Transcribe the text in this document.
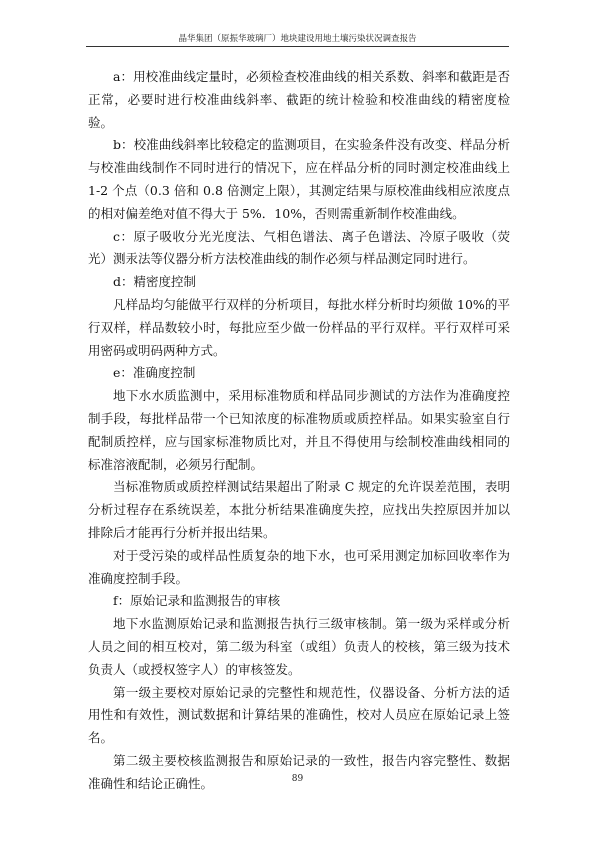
晶华集团（原振华玻璃厂）地块建设用地土壤污染状况调查报告

a：用校准曲线定量时，必须检查校准曲线的相关系数、斜率和截距是否正常，必要时进行校准曲线斜率、截距的统计检验和校准曲线的精密度检验。

b：校准曲线斜率比较稳定的监测项目，在实验条件没有改变、样品分析与校准曲线制作不同时进行的情况下，应在样品分析的同时测定校准曲线上 1-2 个点（0.3 倍和 0.8 倍测定上限），其测定结果与原校准曲线相应浓度点的相对偏差绝对值不得大于 5%．10%，否则需重新制作校准曲线。

c：原子吸收分光光度法、气相色谱法、离子色谱法、冷原子吸收（荧光）测汞法等仪器分析方法校准曲线的制作必须与样品测定同时进行。

d：精密度控制

凡样品均匀能做平行双样的分析项目，每批水样分析时均须做 10%的平行双样，样品数较小时，每批应至少做一份样品的平行双样。平行双样可采用密码或明码两种方式。

e：准确度控制

地下水水质监测中，采用标准物质和样品同步测试的方法作为准确度控制手段，每批样品带一个已知浓度的标准物质或质控样品。如果实验室自行配制质控样，应与国家标准物质比对，并且不得使用与绘制校准曲线相同的标准溶液配制，必须另行配制。

当标准物质或质控样测试结果超出了附录 C 规定的允许误差范围，表明分析过程存在系统误差，本批分析结果准确度失控，应找出失控原因并加以排除后才能再行分析并报出结果。

对于受污染的或样品性质复杂的地下水，也可采用测定加标回收率作为准确度控制手段。

f：原始记录和监测报告的审核

地下水监测原始记录和监测报告执行三级审核制。第一级为采样或分析人员之间的相互校对，第二级为科室（或组）负责人的校核，第三级为技术负责人（或授权签字人）的审核签发。

第一级主要校对原始记录的完整性和规范性，仪器设备、分析方法的适用性和有效性，测试数据和计算结果的准确性，校对人员应在原始记录上签名。

第二级主要校核监测报告和原始记录的一致性，报告内容完整性、数据准确性和结论正确性。	89
